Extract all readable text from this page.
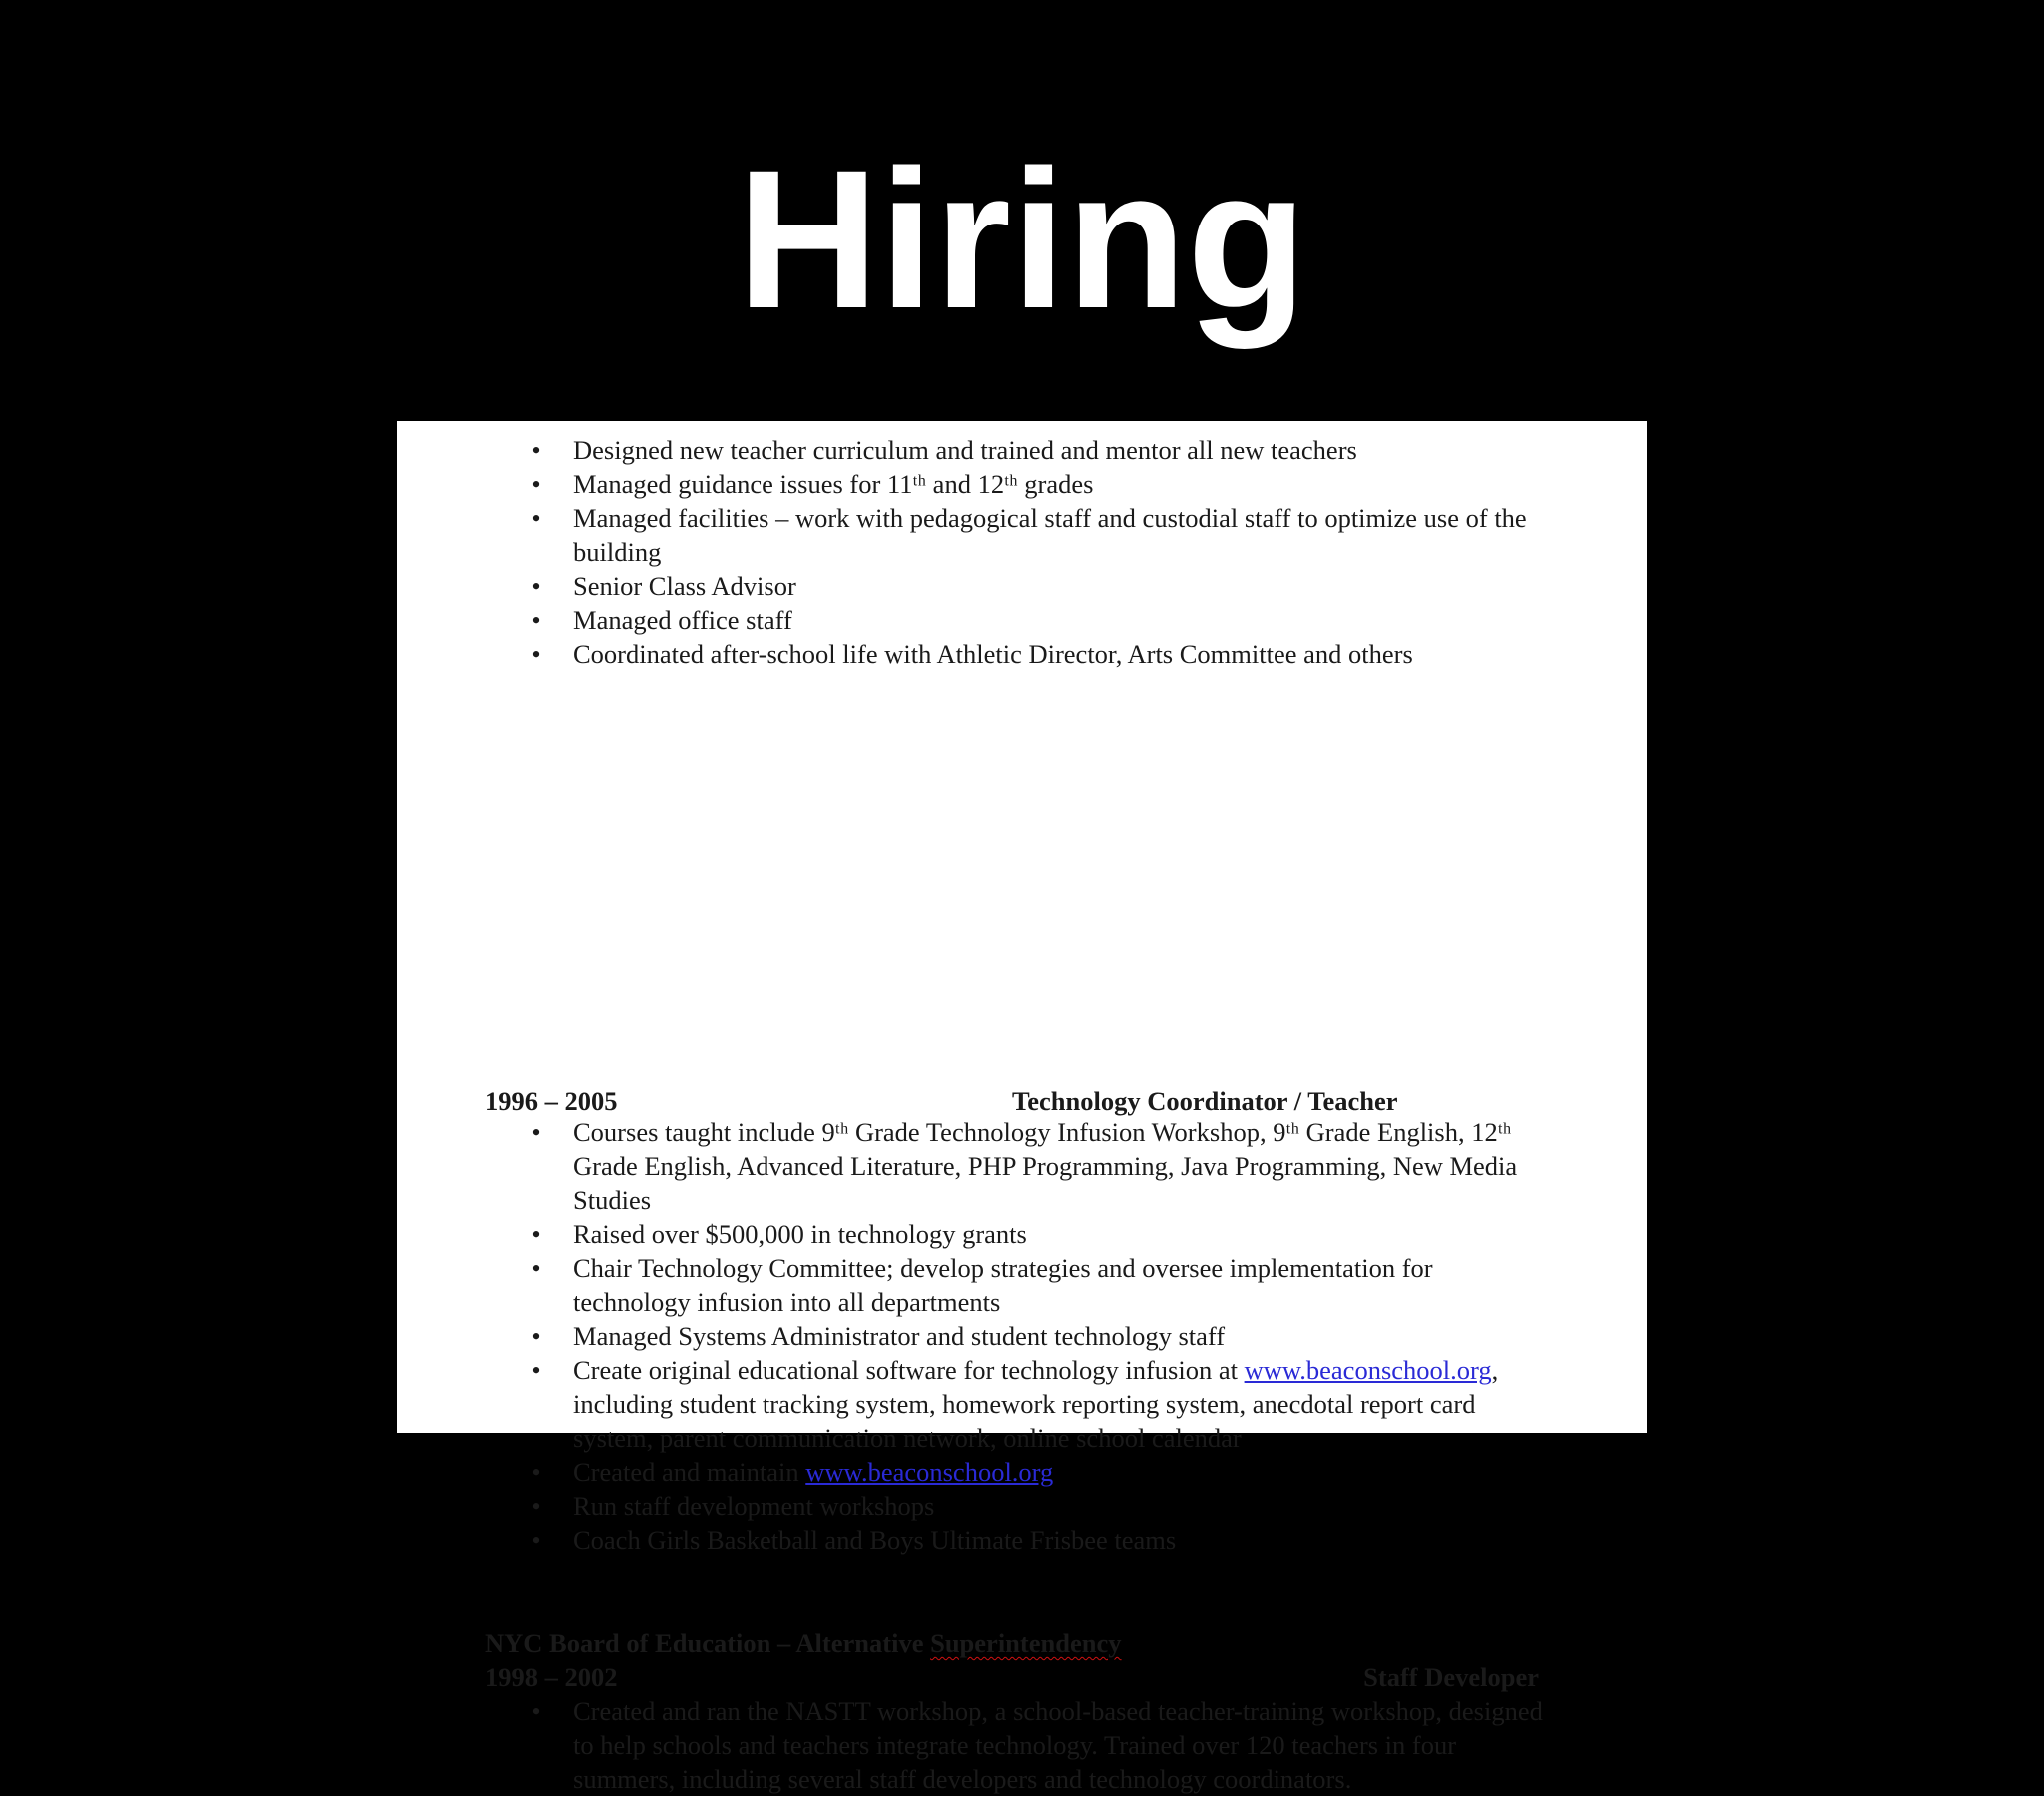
Hiring
• Designed new teacher curriculum and trained and mentor all new teachers
• Managed guidance issues for 11ᵗʰ and 12ᵗʰ grades
• Managed facilities – work with pedagogical staff and custodial staff to optimize use of the building
• Senior Class Advisor
• Managed office staff
• Coordinated after-school life with Athletic Director, Arts Committee and others
1996 – 2005	Technology Coordinator / Teacher
• Courses taught include 9ᵗʰ Grade Technology Infusion Workshop, 9ᵗʰ Grade English, 12ᵗʰ Grade English, Advanced Literature, PHP Programming, Java Programming, New Media Studies
• Raised over $500,000 in technology grants
• Chair Technology Committee; develop strategies and oversee implementation for technology infusion into all departments
• Managed Systems Administrator and student technology staff
• Create original educational software for technology infusion at www.beaconschool.org, including student tracking system, homework reporting system, anecdotal report card system, parent communication network, online school calendar
• Created and maintain www.beaconschool.org
• Run staff development workshops
• Coach Girls Basketball and Boys Ultimate Frisbee teams
NYC Board of Education – Alternative Superintendency
1998 – 2002	Staff Developer
• Created and ran the NASTT workshop, a school-based teacher-training workshop, designed to help schools and teachers integrate technology. Trained over 120 teachers in four summers, including several staff developers and technology coordinators.
